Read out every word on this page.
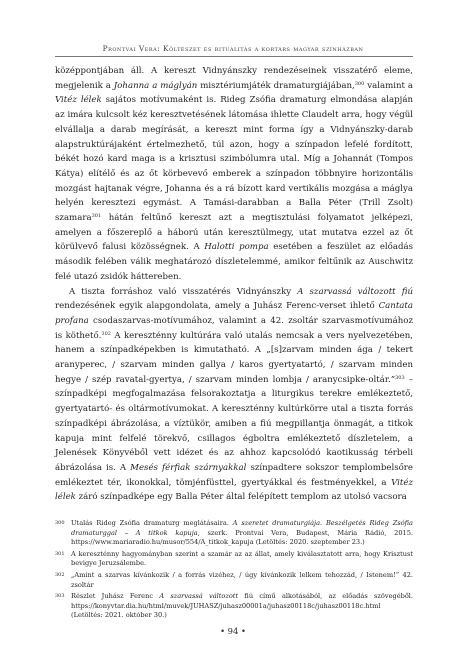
Prontvai Vera: Költészet és ritualitás a kortárs magyar színházban

középpontjában áll. A kereszt Vidnyánszky rendezéseinek visszatérő eleme, megjelenik a Johanna a máglyán misztériumjáték dramaturgiájában,$^{300}$ valamint a Vitéz lélek sajátos motívumaként is. Rideg Zsófia dramaturg elmondása alapján az imára kulcsolt kéz keresztvetésének látomása ihlette Claudelt arra, hogy végül elvállalja a darab megírását, a kereszt mint forma így a Vidnyánszky-darab alapstruktúrájaként értelmezhető, túl azon, hogy a színpadon lefelé fordított, békét hozó kard maga is a krisztusi szimbólumra utal. Míg a Johannát (Tompos Kátya) elítélő és az őt körbevevő emberek a színpadon többnyire horizontális mozgást hajtanak végre, Johanna és a rá bízott kard vertikális mozgása a máglya helyén keresztezi egymást. A Tamási-darabban a Balla Péter (Trill Zsolt) szamara$^{301}$ hátán feltűnő kereszt azt a megtisztulási folyamatot jelképezi, amelyen a főszereplő a háború után keresztülmegy, utat mutatva ezzel az őt körülvevő falusi közösségnek. A Halotti pompa esetében a feszület az előadás második felében válik meghatározó díszletelemmé, amikor feltűnik az Auschwitz felé utazó zsidók háttereben.

A tiszta forráshoz való visszatérés Vidnyánszky A szarvassá változott fiú rendezésének egyik alapgondolata, amely a Juhász Ferenc-verset ihlető Cantata profana csodaszarvas-motívumához, valamint a 42. zsoltár szarvasmotívumához is köthető.$^{302}$ A kereszténny kultúrára való utalás nemcsak a vers nyelvezetében, hanem a színpadképekben is kimutatható. A „[s]zarvam minden ága / tekert aranyperec, / szarvam minden gallya / karos gyertyatartó, / szarvam minden hegye / szép ravatal-gyertya, / szarvam minden lombja / aranycsipke-oltár.”$^{303}$ – színpadképi megfogalmazása felsorakoztatja a liturgikus terekre emlékeztető, gyertyatartó- és oltármotívumokat. A kereszténny kultúrkörre utal a tiszta forrás színpadképi ábrázolása, a víztükör, amiben a fiú megpillantja önmagát, a titkok kapuja mint felfelé törekvő, csillagos égboltra emlékeztető díszletelem, a Jelenések Könyvéből vett idézet és az ahhoz kapcsolódó kaotikusság térbeli ábrázolása is. A Mesés férfiak szárnyakkal színpadtere sokszor templombelsőre emlékeztet tér, ikonokkal, tömjénfüsttel, gyertyákkal és festményekkel, a Vitéz lélek záró színpadképe egy Balla Péter által felépített templom az utolsó vacsora

300 Utalás Rideg Zsófia dramaturg meglátásaira. A szeretet dramaturgiája. Beszélgetés Rideg Zsófia dramaturggal – A titkok kapuja, szerk. Prontvai Vera, Budapest, Mária Rádió, 2015. https://www.mariaradio.hu/musor/554/A_titkok_kapuja (Letöltés: 2020. szeptember 23.)
301 A kereszténny hagyományban szerint a szamár az az állat, amely kiválasztatott arra, hogy Krisztust bevigye Jeruzsálembe.
302 „Amint a szarvas kívánkozik / a forrás vizéhez, / úgy kívánkozik lelkem tehozzád, / Istenem!” 42. zsoltár
303 Részlet Juhász Ferenc A szarvassá változott fiú című alkotásából, az előadás szövegéből. https://konyvtar.dia.hu/html/muvek/JUHASZ/juhasz00001a/juhasz00118c/juhasz00118c.html (Letöltés: 2021. október 30.)
• 94 •
